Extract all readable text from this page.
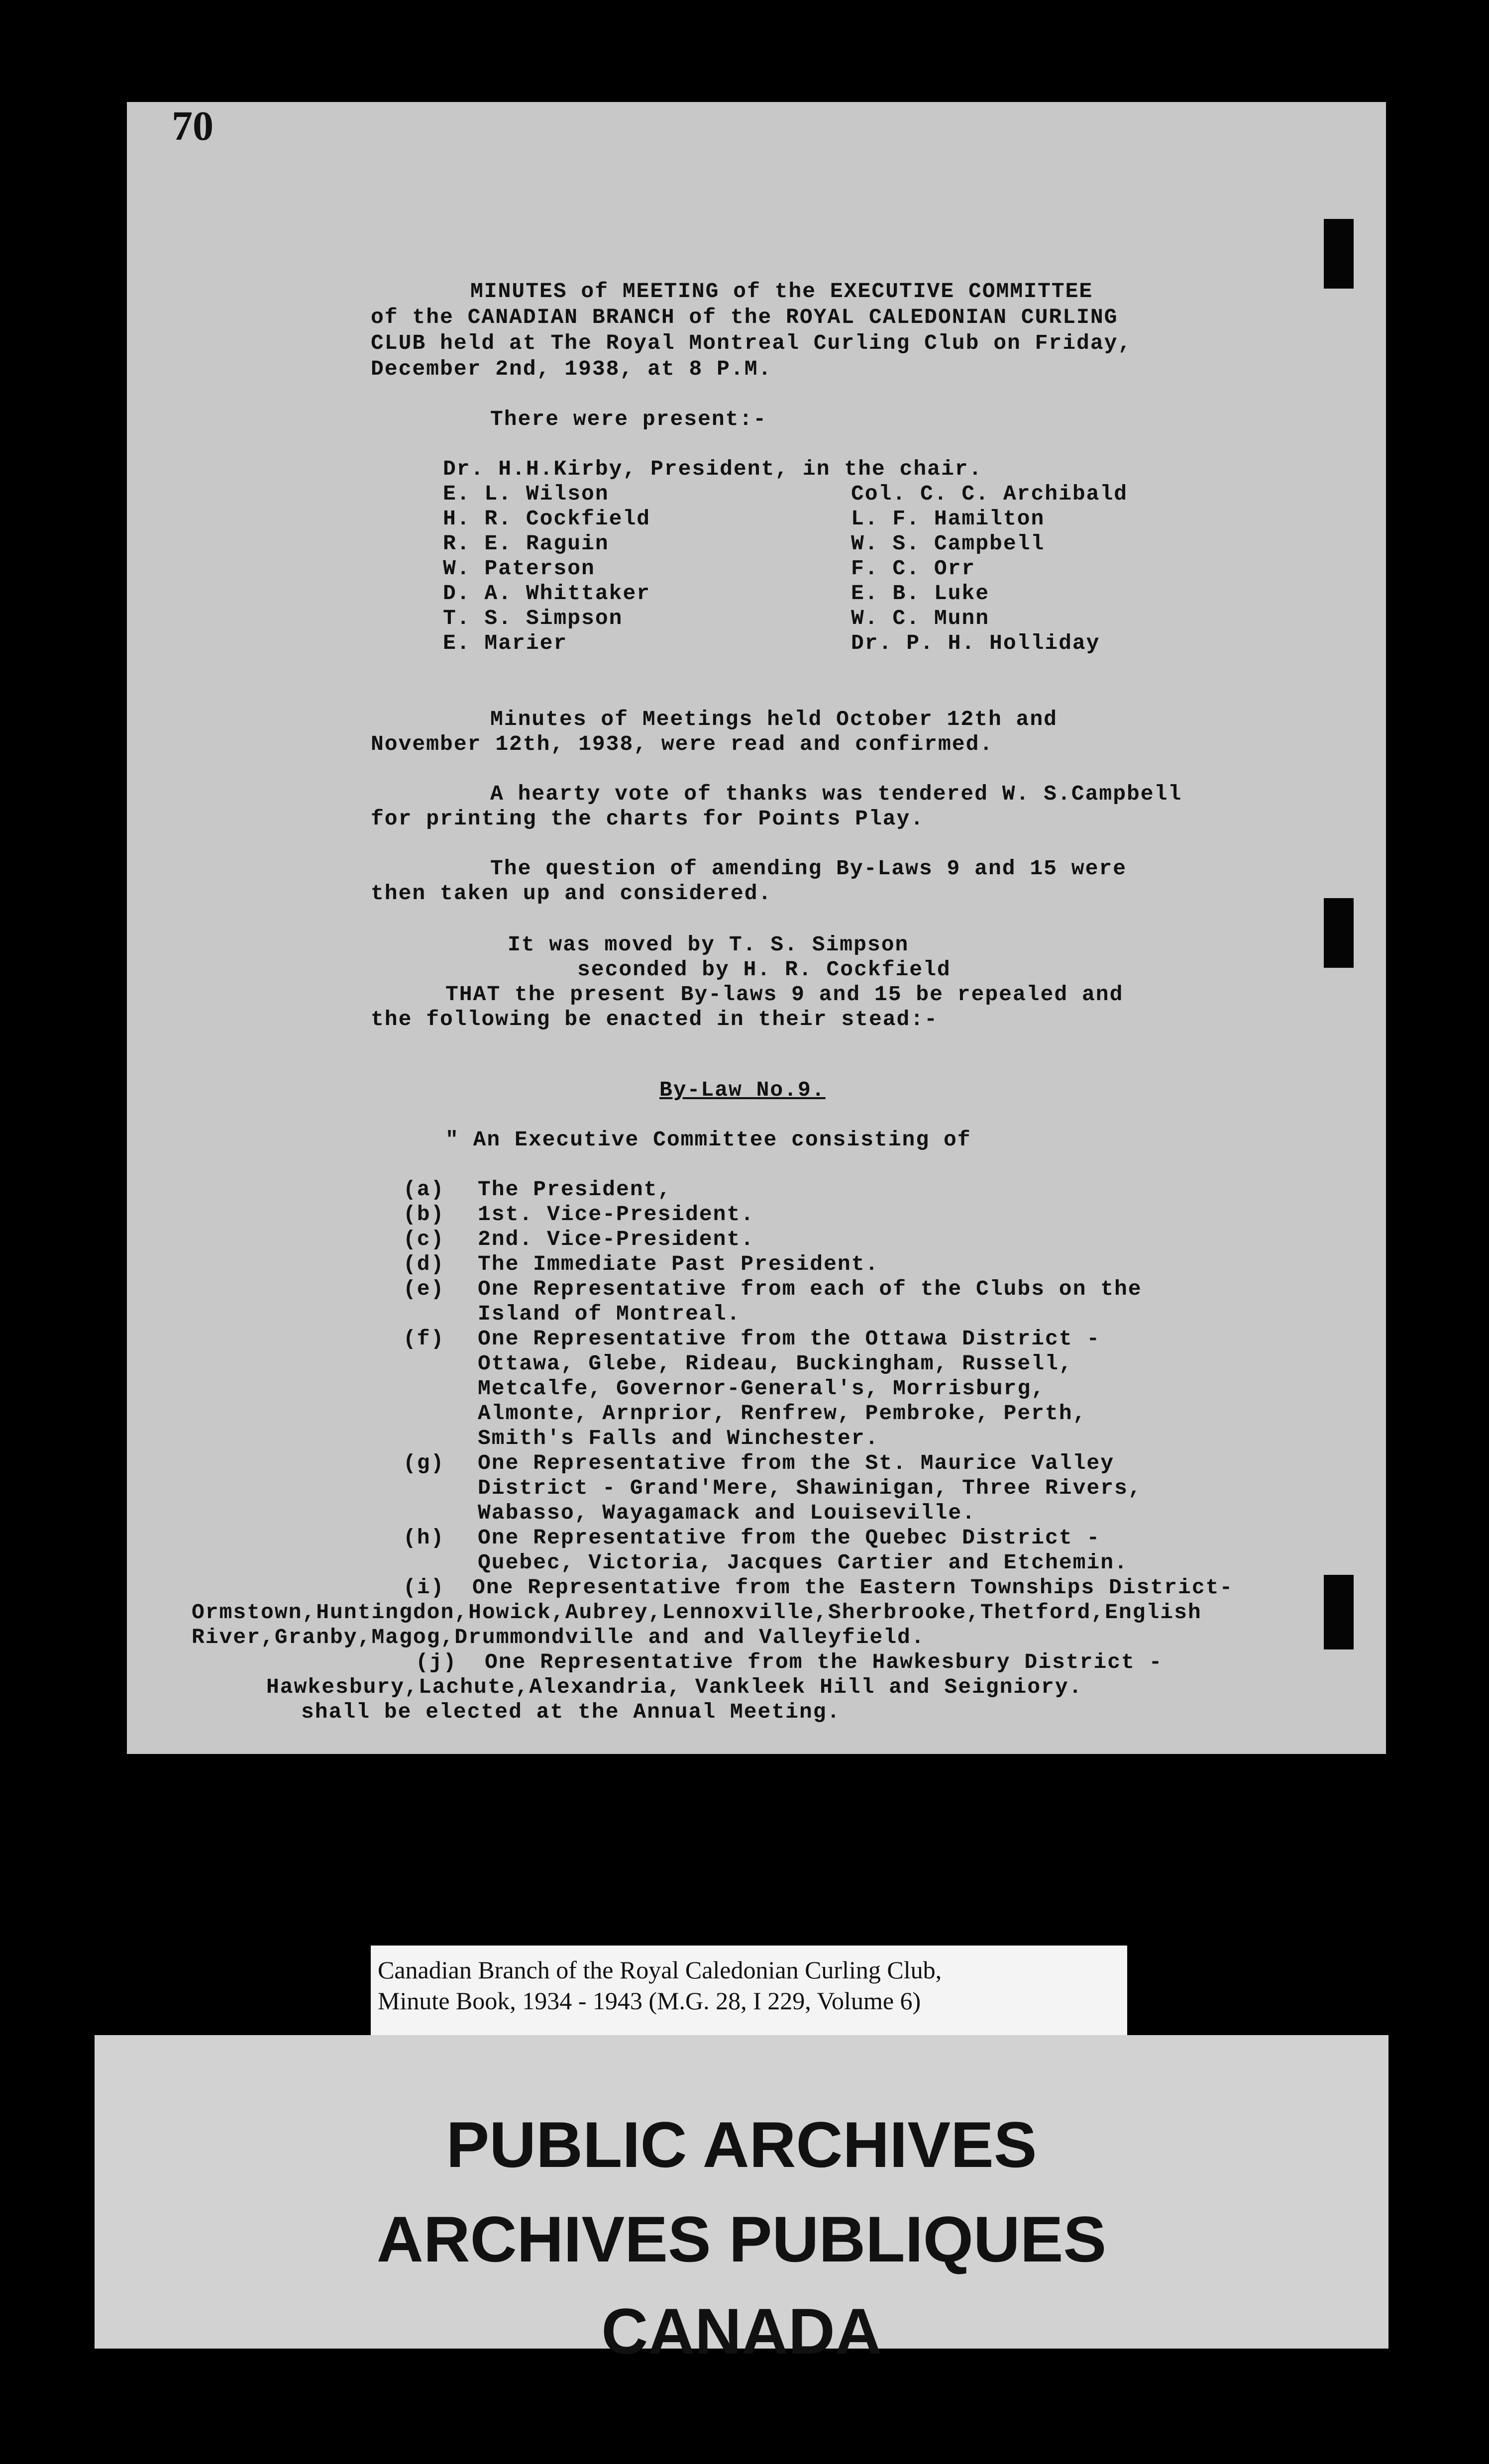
70
MINUTES of MEETING of the EXECUTIVE COMMITTEE
of the CANADIAN BRANCH of the ROYAL CALEDONIAN CURLING
CLUB held at The Royal Montreal Curling Club on Friday,
December 2nd, 1938, at 8 P.M.
There were present:-
Dr. H.H.Kirby, President, in the chair.
E. L. Wilson
H. R. Cockfield
R. E. Raguin
W. Paterson
D. A. Whittaker
T. S. Simpson
E. Marier
Col. C. C. Archibald
L. F. Hamilton
W. S. Campbell
F. C. Orr
E. B. Luke
W. C. Munn
Dr. P. H. Holliday
Minutes of Meetings held October 12th and
November 12th, 1938, were read and confirmed.
A hearty vote of thanks was tendered W. S.Campbell
for printing the charts for Points Play.
The question of amending By-Laws 9 and 15 were
then taken up and considered.
It was moved by T. S. Simpson
seconded by H. R. Cockfield
THAT the present By-laws 9 and 15 be repealed and
the following be enacted in their stead:-
By-Law No.9.
" An Executive Committee consisting of
(a) The President,
(b) 1st. Vice-President.
(c) 2nd. Vice-President.
(d) The Immediate Past President.
(e) One Representative from each of the Clubs on the
Island of Montreal.
(f) One Representative from the Ottawa District -
Ottawa, Glebe, Rideau, Buckingham, Russell,
Metcalfe, Governor-General's, Morrisburg,
Almonte, Arnprior, Renfrew, Pembroke, Perth,
Smith's Falls and Winchester.
(g) One Representative from the St. Maurice Valley
District - Grand'Mere, Shawinigan, Three Rivers,
Wabasso, Wayagamack and Louiseville.
(h) One Representative from the Quebec District -
Quebec, Victoria, Jacques Cartier and Etchemin.
(i)  One Representative from the Eastern Townships District-
Ormstown,Huntingdon,Howick,Aubrey,Lennoxville,Sherbrooke,Thetford,English
River,Granby,Magog,Drummondville and and Valleyfield.
(j)  One Representative from the Hawkesbury District -
Hawkesbury,Lachute,Alexandria, Vankleek Hill and Seigniory.
shall be elected at the Annual Meeting.
Canadian Branch of the Royal Caledonian Curling Club,
Minute Book, 1934 - 1943 (M.G. 28, I 229, Volume 6)
PUBLIC ARCHIVES
ARCHIVES PUBLIQUES
CANADA
